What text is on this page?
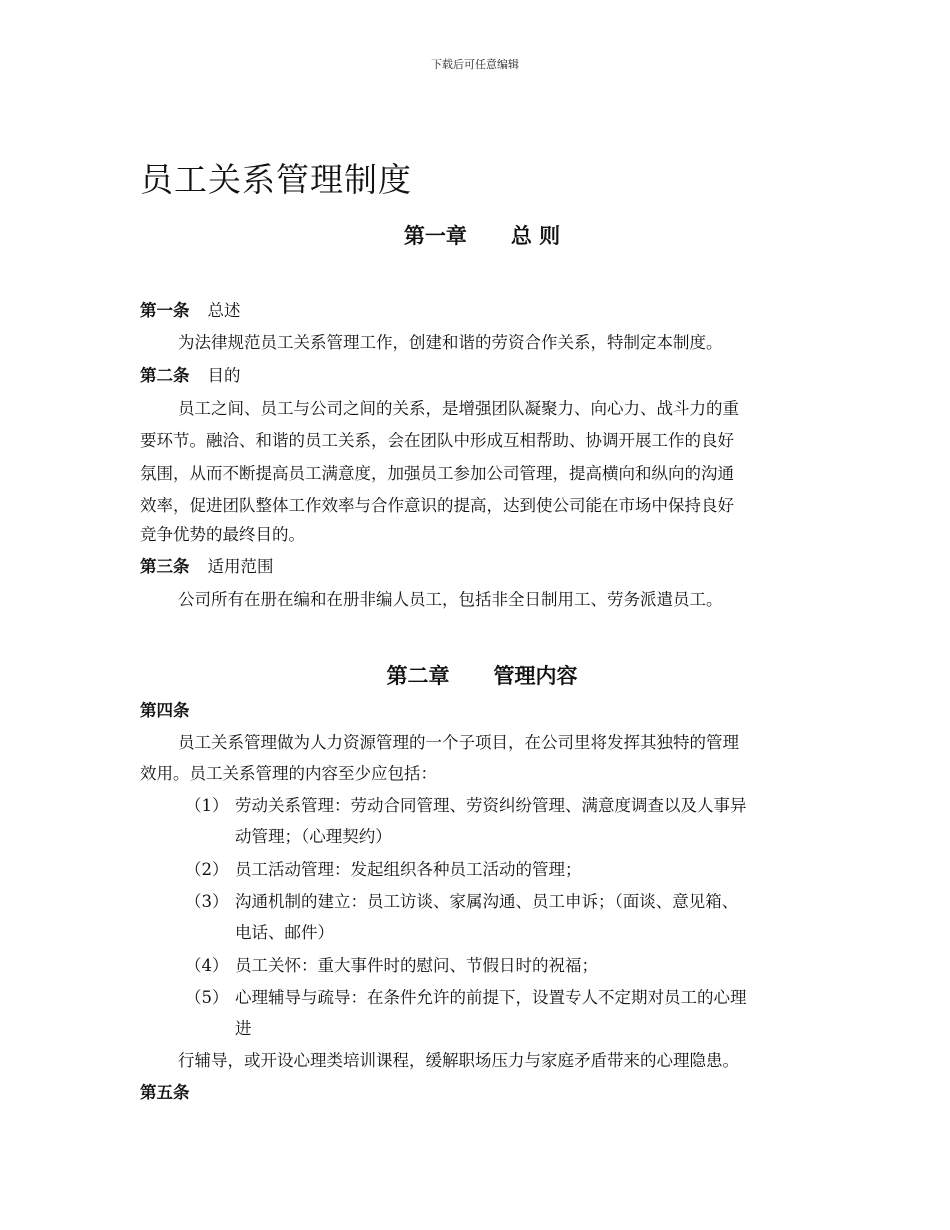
下载后可任意编辑
员工关系管理制度
第一章 总 则
第一条 总述
为法律规范员工关系管理工作，创建和谐的劳资合作关系，特制定本制度。
第二条 目的
员工之间、员工与公司之间的关系，是增强团队凝聚力、向心力、战斗力的重
要环节。融洽、和谐的员工关系，会在团队中形成互相帮助、协调开展工作的良好
氛围，从而不断提高员工满意度，加强员工参加公司管理，提高横向和纵向的沟通
效率，促进团队整体工作效率与合作意识的提高，达到使公司能在市场中保持良好
竞争优势的最终目的。
第三条 适用范围
公司所有在册在编和在册非编人员工，包括非全日制用工、劳务派遣员工。
第二章 管理内容
第四条
员工关系管理做为人力资源管理的一个子项目，在公司里将发挥其独特的管理
效用。员工关系管理的内容至少应包括：
（1） 劳动关系管理：劳动合同管理、劳资纠纷管理、满意度调查以及人事异
动管理；（心理契约）
（2） 员工活动管理：发起组织各种员工活动的管理；
（3） 沟通机制的建立：员工访谈、家属沟通、员工申诉；（面谈、意见箱、
电话、邮件）
（4） 员工关怀：重大事件时的慰问、节假日时的祝福；
（5） 心理辅导与疏导：在条件允许的前提下，设置专人不定期对员工的心理
进
行辅导，或开设心理类培训课程，缓解职场压力与家庭矛盾带来的心理隐患。
第五条
